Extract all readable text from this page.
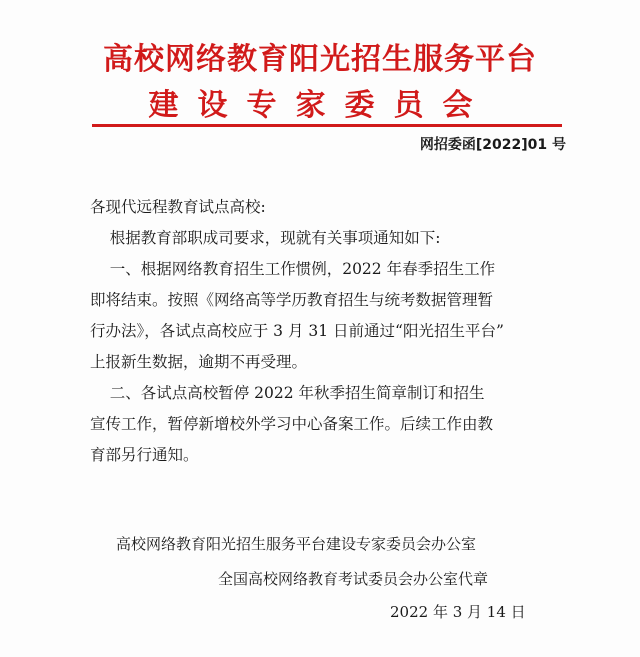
高校网络教育阳光招生服务平台
建设专家委员会
网招委函[2022]01 号
各现代远程教育试点高校:
根据教育部职成司要求，现就有关事项通知如下:
一、根据网络教育招生工作惯例，2022 年春季招生工作
即将结束。按照《网络高等学历教育招生与统考数据管理暂
行办法》，各试点高校应于 3 月 31 日前通过“阳光招生平台”
上报新生数据，逾期不再受理。
二、各试点高校暂停 2022 年秋季招生简章制订和招生
宣传工作，暂停新增校外学习中心备案工作。后续工作由教
育部另行通知。
高校网络教育阳光招生服务平台建设专家委员会办公室
全国高校网络教育考试委员会办公室代章
2022 年 3 月 14 日
